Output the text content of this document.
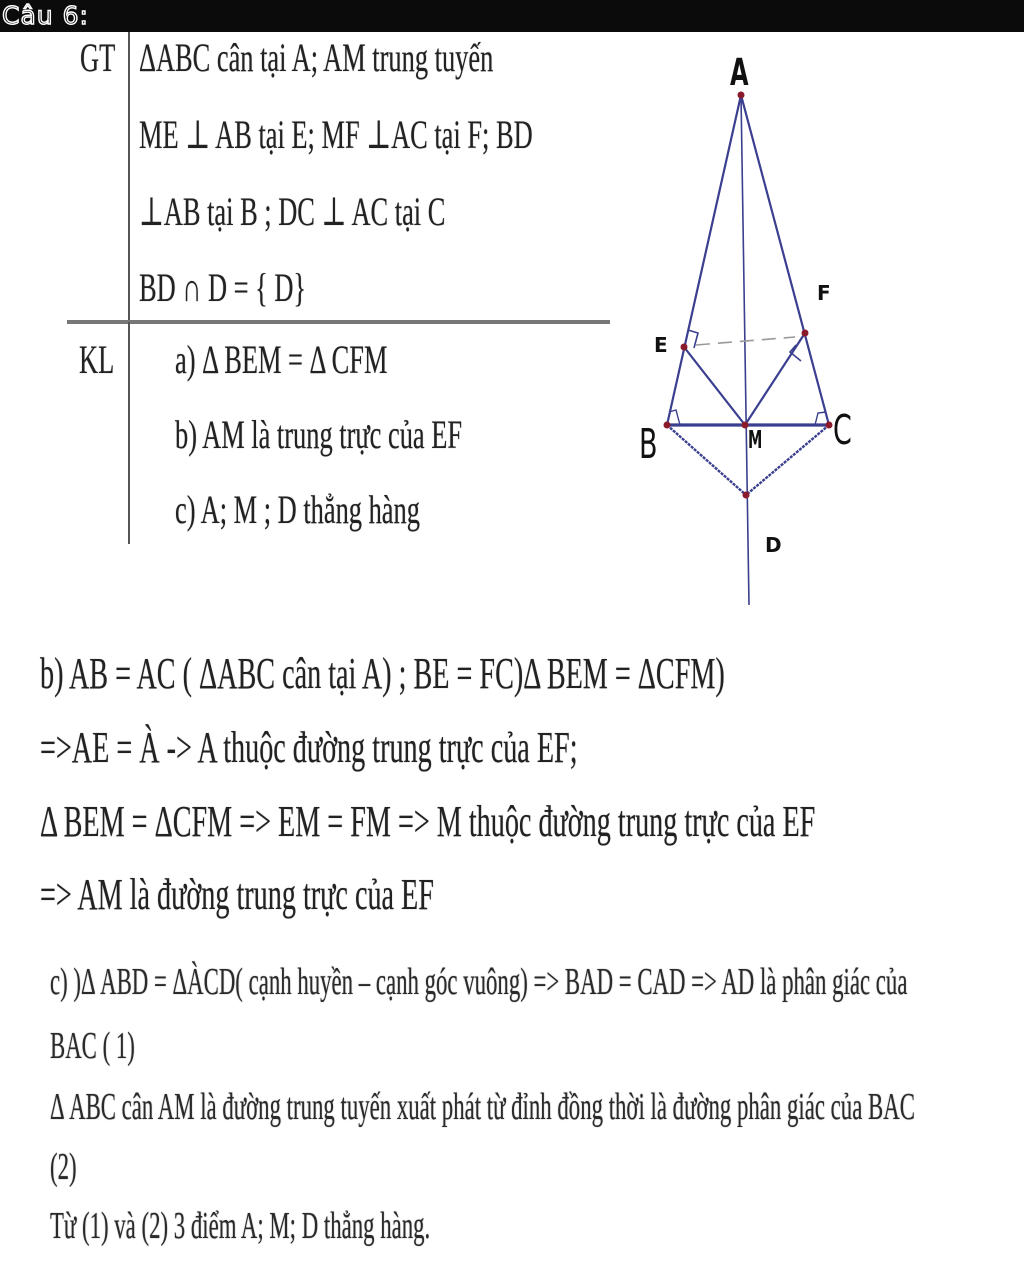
Câu 6:
GT ΔABC cân tại A; AM trung tuyến
ME ⊥ AB tại E; MF ⊥AC tại F; BD
⊥AB tại B ; DC ⊥ AC tại C
BD ∩ D = { D}
KL a) Δ BEM = Δ CFM
b) AM là trung trực của EF
c) A; M ; D thẳng hàng
A
E
F
B	M C
D
b) AB = AC ( ΔABC cân tại A) ; BE = FC)Δ BEM = ΔCFM)
=>AE = À -> A thuộc đường trung trực của EF;
Δ BEM = ΔCFM => EM = FM => M thuộc đường trung trực của EF
=> AM là đường trung trực của EF
c) )Δ ABD = ΔÀCD( cạnh huyền – cạnh góc vuông) => BAD = CAD => AD là phân giác của
BAC ( 1)
Δ ABC cân AM là đường trung tuyến xuất phát từ đỉnh đồng thời là đường phân giác của BAC
(2)
Từ (1) và (2) 3 điểm A; M; D thẳng hàng.
